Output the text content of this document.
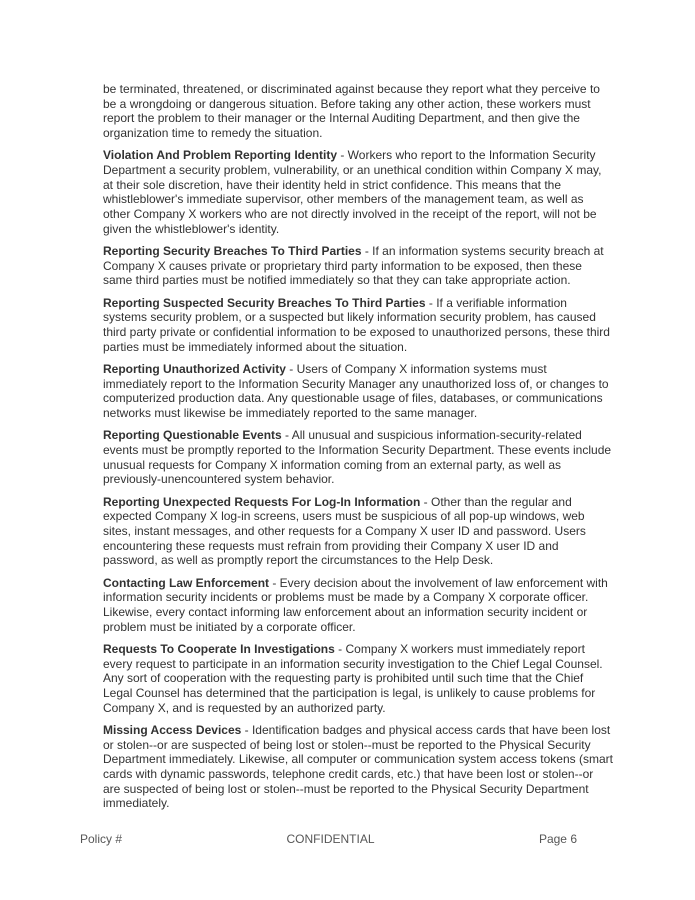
be terminated, threatened, or discriminated against because they report what they perceive to be a wrongdoing or dangerous situation. Before taking any other action, these workers must report the problem to their manager or the Internal Auditing Department, and then give the organization time to remedy the situation.

Violation And Problem Reporting Identity - Workers who report to the Information Security Department a security problem, vulnerability, or an unethical condition within Company X may, at their sole discretion, have their identity held in strict confidence. This means that the whistleblower's immediate supervisor, other members of the management team, as well as other Company X workers who are not directly involved in the receipt of the report, will not be given the whistleblower's identity.

Reporting Security Breaches To Third Parties - If an information systems security breach at Company X causes private or proprietary third party information to be exposed, then these same third parties must be notified immediately so that they can take appropriate action.

Reporting Suspected Security Breaches To Third Parties - If a verifiable information systems security problem, or a suspected but likely information security problem, has caused third party private or confidential information to be exposed to unauthorized persons, these third parties must be immediately informed about the situation.

Reporting Unauthorized Activity - Users of Company X information systems must immediately report to the Information Security Manager any unauthorized loss of, or changes to computerized production data. Any questionable usage of files, databases, or communications networks must likewise be immediately reported to the same manager.

Reporting Questionable Events - All unusual and suspicious information-security-related events must be promptly reported to the Information Security Department. These events include unusual requests for Company X information coming from an external party, as well as previously-unencountered system behavior.

Reporting Unexpected Requests For Log-In Information - Other than the regular and expected Company X log-in screens, users must be suspicious of all pop-up windows, web sites, instant messages, and other requests for a Company X user ID and password. Users encountering these requests must refrain from providing their Company X user ID and password, as well as promptly report the circumstances to the Help Desk.

Contacting Law Enforcement - Every decision about the involvement of law enforcement with information security incidents or problems must be made by a Company X corporate officer. Likewise, every contact informing law enforcement about an information security incident or problem must be initiated by a corporate officer.

Requests To Cooperate In Investigations - Company X workers must immediately report every request to participate in an information security investigation to the Chief Legal Counsel. Any sort of cooperation with the requesting party is prohibited until such time that the Chief Legal Counsel has determined that the participation is legal, is unlikely to cause problems for Company X, and is requested by an authorized party.

Missing Access Devices - Identification badges and physical access cards that have been lost or stolen--or are suspected of being lost or stolen--must be reported to the Physical Security Department immediately. Likewise, all computer or communication system access tokens (smart cards with dynamic passwords, telephone credit cards, etc.) that have been lost or stolen--or are suspected of being lost or stolen--must be reported to the Physical Security Department immediately.

Policy #	CONFIDENTIAL	Page 6
